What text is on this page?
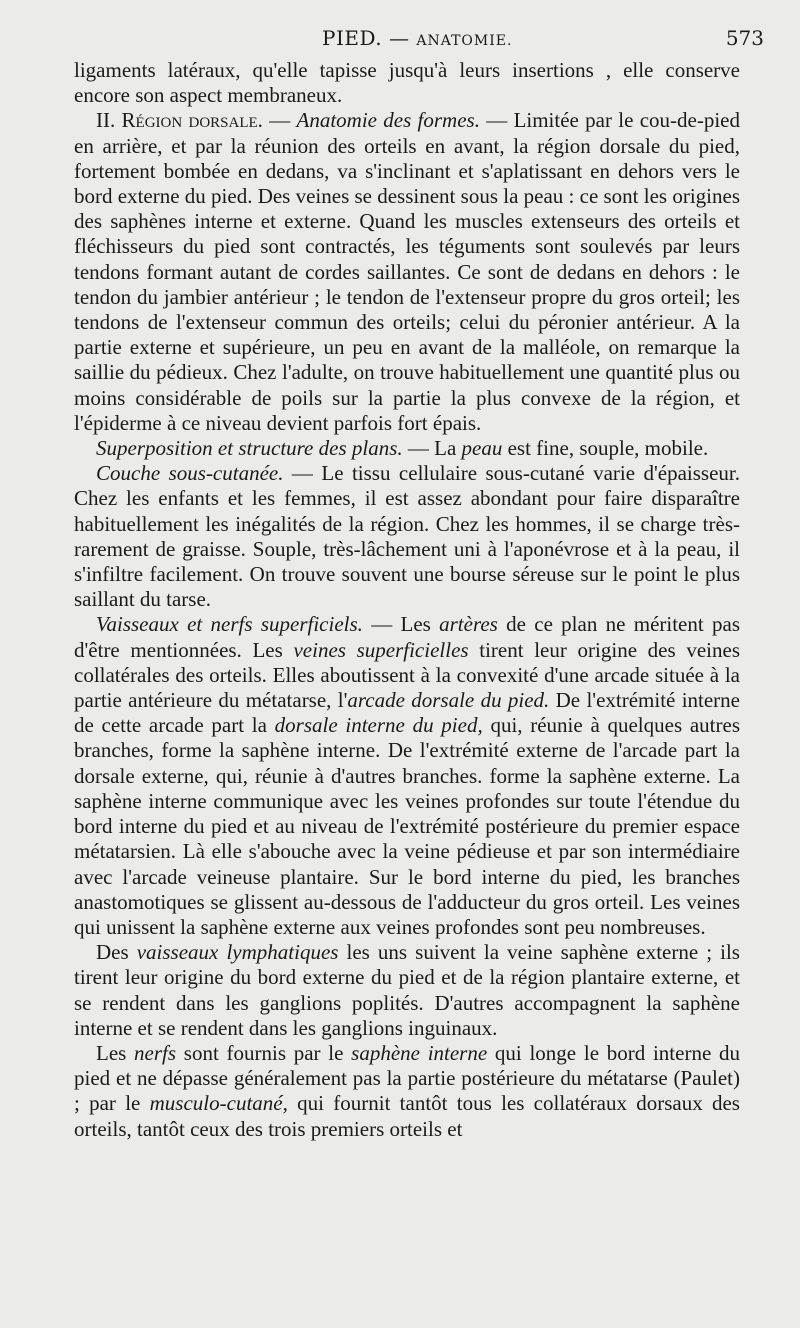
PIED. — ANATOMIE.	573

ligaments latéraux, qu'elle tapisse jusqu'à leurs insertions , elle conserve encore son aspect membraneux.

II. Région dorsale. — Anatomie des formes. — Limitée par le cou-de-pied en arrière, et par la réunion des orteils en avant, la région dorsale du pied, fortement bombée en dedans, va s'inclinant et s'aplatissant en dehors vers le bord externe du pied. Des veines se dessinent sous la peau : ce sont les origines des saphènes interne et externe. Quand les muscles extenseurs des orteils et fléchisseurs du pied sont contractés, les téguments sont soulevés par leurs tendons formant autant de cordes saillantes. Ce sont de dedans en dehors : le tendon du jambier antérieur ; le tendon de l'extenseur propre du gros orteil; les tendons de l'extenseur commun des orteils; celui du péronier antérieur. A la partie externe et supérieure, un peu en avant de la malléole, on remarque la saillie du pédieux. Chez l'adulte, on trouve habituellement une quantité plus ou moins considérable de poils sur la partie la plus convexe de la région, et l'épiderme à ce niveau devient parfois fort épais.

Superposition et structure des plans. — La peau est fine, souple, mobile.

Couche sous-cutanée. — Le tissu cellulaire sous-cutané varie d'épaisseur. Chez les enfants et les femmes, il est assez abondant pour faire disparaître habituellement les inégalités de la région. Chez les hommes, il se charge très-rarement de graisse. Souple, très-lâchement uni à l'aponévrose et à la peau, il s'infiltre facilement. On trouve souvent une bourse séreuse sur le point le plus saillant du tarse.

Vaisseaux et nerfs superficiels. — Les artères de ce plan ne méritent pas d'être mentionnées. Les veines superficielles tirent leur origine des veines collatérales des orteils. Elles aboutissent à la convexité d'une arcade située à la partie antérieure du métatarse, l'arcade dorsale du pied. De l'extrémité interne de cette arcade part la dorsale interne du pied, qui, réunie à quelques autres branches, forme la saphène interne. De l'extrémité externe de l'arcade part la dorsale externe, qui, réunie à d'autres branches. forme la saphène externe. La saphène interne communique avec les veines profondes sur toute l'étendue du bord interne du pied et au niveau de l'extrémité postérieure du premier espace métatarsien. Là elle s'abouche avec la veine pédieuse et par son intermédiaire avec l'arcade veineuse plantaire. Sur le bord interne du pied, les branches anastomotiques se glissent au-dessous de l'adducteur du gros orteil. Les veines qui unissent la saphène externe aux veines profondes sont peu nombreuses.

Des vaisseaux lymphatiques les uns suivent la veine saphène externe ; ils tirent leur origine du bord externe du pied et de la région plantaire externe, et se rendent dans les ganglions poplités. D'autres accompagnent la saphène interne et se rendent dans les ganglions inguinaux.

Les nerfs sont fournis par le saphène interne qui longe le bord interne du pied et ne dépasse généralement pas la partie postérieure du métatarse (Paulet) ; par le musculo-cutané, qui fournit tantôt tous les collatéraux dorsaux des orteils, tantôt ceux des trois premiers orteils et
